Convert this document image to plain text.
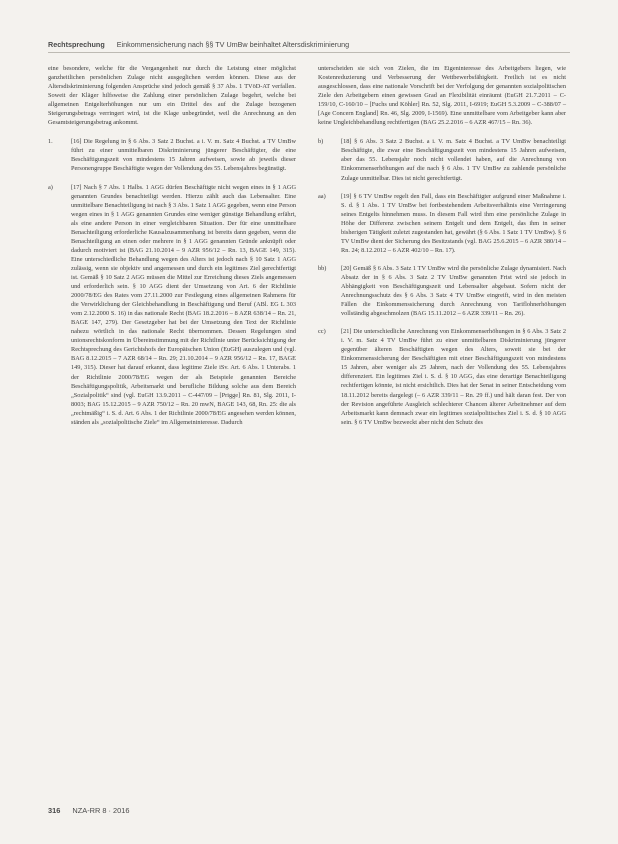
Rechtsprechung Einkommensicherung nach §§ TV UmBw beinhaltet Altersdiskriminierung

eine besondere, welche für die Vergangenheit nur durch die Leistung einer möglichst ganzheitlichen persönlichen Zulage nicht ausgeglichen werden können. Diese aus der Altersdiskriminierung folgenden Ansprüche sind jedoch gemäß § 37 Abs. 1 TVöD-AT verfallen. Soweit der Kläger hilfsweise die Zahlung einer persönlichen Zulage begehrt, welche bei allgemeinen Entgelterhöhungen nur um ein Drittel des auf die Zulage bezogenen Steigerungsbetrags verringert wird, ist die Klage unbegründet, weil die Anrechnung an den Gesamtsteigerungsbetrag ankommt.

1.	[16] Die Regelung in § 6 Abs. 3 Satz 2 Buchst. a i. V. m. Satz 4 Buchst. a TV UmBw führt zu einer unmittelbaren Diskriminierung jüngerer Beschäftigter, die eine Beschäftigungszeit von mindestens 15 Jahren aufweisen, sowie ab jeweils dieser Personengruppe Beschäftigte wegen der Vollendung des 55. Lebensjahres begünstigt.
a)	[17] Nach § 7 Abs. 1 Halbs. 1 AGG dürfen Beschäftigte nicht wegen eines in § 1 AGG genannten Grundes benachteiligt werden. Hierzu zählt auch das Lebensalter. Eine unmittelbare Benachteiligung ist nach § 3 Abs. 1 Satz 1 AGG gegeben, wenn eine Person wegen eines in § 1 AGG genannten Grundes eine weniger günstige Behandlung erfährt, als eine andere Person in einer vergleichbaren Situation. Der für eine unmittelbare Benachteiligung erforderliche Kausalzusammenhang ist bereits dann gegeben, wenn die Benachteiligung an einen oder mehrere in § 1 AGG genannten Gründe anknüpft oder dadurch motiviert ist (BAG 21.10.2014 – 9 AZR 956/12 – Rn. 13, BAGE 149, 315). Eine unterschiedliche Behandlung wegen des Alters ist jedoch nach § 10 Satz 1 AGG zulässig, wenn sie objektiv und angemessen und durch ein legitimes Ziel gerechtfertigt ist. Gemäß § 10 Satz 2 AGG müssen die Mittel zur Erreichung dieses Ziels angemessen und erforderlich sein. § 10 AGG dient der Umsetzung von Art. 6 der Richtlinie 2000/78/EG des Rates vom 27.11.2000 zur Festlegung eines allgemeinen Rahmens für die Verwirklichung der Gleichbehandlung in Beschäftigung und Beruf (ABl. EG L 303 vom 2.12.2000 S. 16) in das nationale Recht (BAG 18.2.2016 – 8 AZR 638/14 – Rn. 21, BAGE 147, 279). Der Gesetzgeber hat bei der Umsetzung den Text der Richtlinie nahezu wörtlich in das nationale Recht übernommen. Dessen Regelungen sind unionsrechtskonform in Übereinstimmung mit der Richtlinie unter Berücksichtigung der Rechtsprechung des Gerichtshofs der Europäischen Union (EuGH) auszulegen und (vgl. BAG 8.12.2015 – 7 AZR 68/14 – Rn. 29; 21.10.2014 – 9 AZR 956/12 – Rn. 17, BAGE 149, 315). Dieser hat darauf erkannt, dass legitime Ziele iSv. Art. 6 Abs. 1 Unterabs. 1 der Richtlinie 2000/78/EG wegen der als Beispiele genannten Bereiche Beschäftigungspolitik, Arbeitsmarkt und berufliche Bildung solche aus dem Bereich „Sozialpolitik“ sind (vgl. EuGH 13.9.2011 – C-447/09 – [Prigge] Rn. 81, Slg. 2011, I-8003; BAG 15.12.2015 – 9 AZR 750/12 – Rn. 20 mwN, BAGE 143, 68, Rn. 25: die als „rechtmäßig“ i. S. d. Art. 6 Abs. 1 der Richtlinie 2000/78/EG angesehen werden können, ständen als „sozialpolitische Ziele“ im Allgemeininteresse. Dadurch

unterscheiden sie sich von Zielen, die im Eigeninteresse des Arbeitgebers liegen, wie Kostenreduzierung und Verbesserung der Wettbewerbsfähigkeit. Freilich ist es nicht ausgeschlossen, dass eine nationale Vorschrift bei der Verfolgung der genannten sozialpolitischen Ziele den Arbeitgebern einen gewissen Grad an Flexibilität einräumt (EuGH 21.7.2011 – C-159/10, C-160/10 – [Fuchs und Köhler] Rn. 52, Slg. 2011, I-6919; EuGH 5.3.2009 – C-388/07 – [Age Concern England] Rn. 46, Slg. 2009, I-1569). Eine unmittelbare vom Arbeitgeber kann aber keine Ungleichbehandlung rechtfertigen (BAG 25.2.2016 – 6 AZR 467/15 – Rn. 36).

b)	[18] § 6 Abs. 3 Satz 2 Buchst. a i. V. m. Satz 4 Buchst. a TV UmBw benachteiligt Beschäftigte, die zwar eine Beschäftigungszeit von mindestens 15 Jahren aufweisen, aber das 55. Lebensjahr noch nicht vollendet haben, auf die Anrechnung von Einkommenserhöhungen auf die nach § 6 Abs. 1 TV UmBw zu zahlende persönliche Zulage unmittelbar. Dies ist nicht gerechtfertigt.
aa)	[19] § 6 TV UmBw regelt den Fall, dass ein Beschäftigter aufgrund einer Maßnahme i. S. d. § 1 Abs. 1 TV UmBw bei fortbestehendem Arbeitsverhältnis eine Verringerung seines Entgelts hinnehmen muss. In diesem Fall wird ihm eine persönliche Zulage in Höhe der Differenz zwischen seinem Entgelt und dem Entgelt, das ihm in seiner bisherigen Tätigkeit zuletzt zugestanden hat, gewährt (§ 6 Abs. 1 Satz 1 TV UmBw). § 6 TV UmBw dient der Sicherung des Besitzstands (vgl. BAG 25.6.2015 – 6 AZR 380/14 – Rn. 24; 8.12.2012 – 6 AZR 402/10 – Rn. 17).
bb)	[20] Gemäß § 6 Abs. 3 Satz 1 TV UmBw wird die persönliche Zulage dynamisiert. Nach Absatz der in § 6 Abs. 3 Satz 2 TV UmBw genannten Frist wird sie jedoch in Abhängigkeit von Beschäftigungszeit und Lebensalter abgebaut. Sofern nicht der Anrechnungsschutz des § 6 Abs. 3 Satz 4 TV UmBw eingreift, wird in den meisten Fällen die Einkommenssicherung durch Anrechnung von Tariflohnerhöhungen vollständig abgeschmolzen (BAG 15.11.2012 – 6 AZR 339/11 – Rn. 26).
cc)	[21] Die unterschiedliche Anrechnung von Einkommenserhöhungen in § 6 Abs. 3 Satz 2 i. V. m. Satz 4 TV UmBw führt zu einer unmittelbaren Diskriminierung jüngerer gegenüber älteren Beschäftigten wegen des Alters, soweit sie bei der Einkommenssicherung der Beschäftigten mit einer Beschäftigungszeit von mindestens 15 Jahren, aber weniger als 25 Jahren, nach der Vollendung des 55. Lebensjahres differenziert. Ein legitimes Ziel i. S. d. § 10 AGG, das eine derartige Benachteiligung rechtfertigen könnte, ist nicht ersichtlich. Dies hat der Senat in seiner Entscheidung vom 18.11.2012 bereits dargelegt (– 6 AZR 339/11 – Rn. 29 ff.) und hält daran fest. Der von der Revision angeführte Ausgleich schlechterer Chancen älterer Arbeitnehmer auf dem Arbeitsmarkt kann demnach zwar ein legitimes sozialpolitisches Ziel i. S. d. § 10 AGG sein. § 6 TV UmBw bezweckt aber nicht den Schutz des
316 NZA-RR 8 · 2016
